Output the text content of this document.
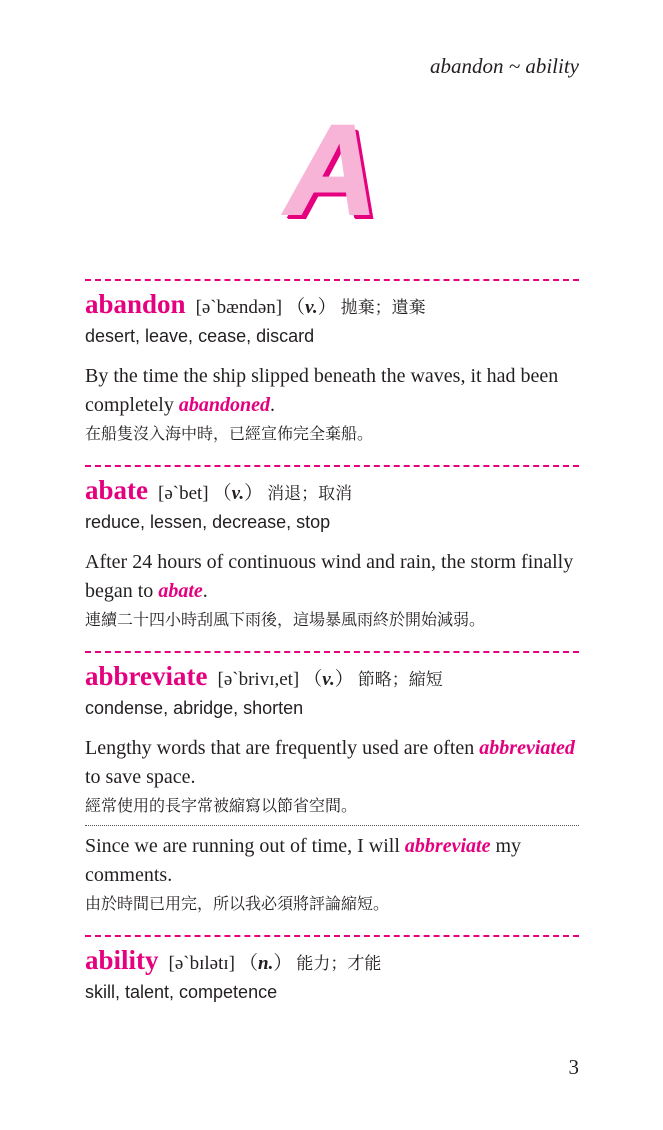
abandon ~ ability
A
abandon [ə`bændən] （v.） 拋棄；遺棄
desert, leave, cease, discard
By the time the ship slipped beneath the waves, it had been completely abandoned.
在船隻沒入海中時，已經宣佈完全棄船。
abate [ə`bet] （v.） 消退；取消
reduce, lessen, decrease, stop
After 24 hours of continuous wind and rain, the storm finally began to abate.
連續二十四小時刮風下雨後，這場暴風雨終於開始減弱。
abbreviate [ə`brivɪ,et] （v.） 節略；縮短
condense, abridge, shorten
Lengthy words that are frequently used are often abbreviated to save space.
經常使用的長字常被縮寫以節省空間。
Since we are running out of time, I will abbreviate my comments.
由於時間已用完，所以我必須將評論縮短。
ability [ə`bɪlətɪ] （n.） 能力；才能
skill, talent, competence
3
